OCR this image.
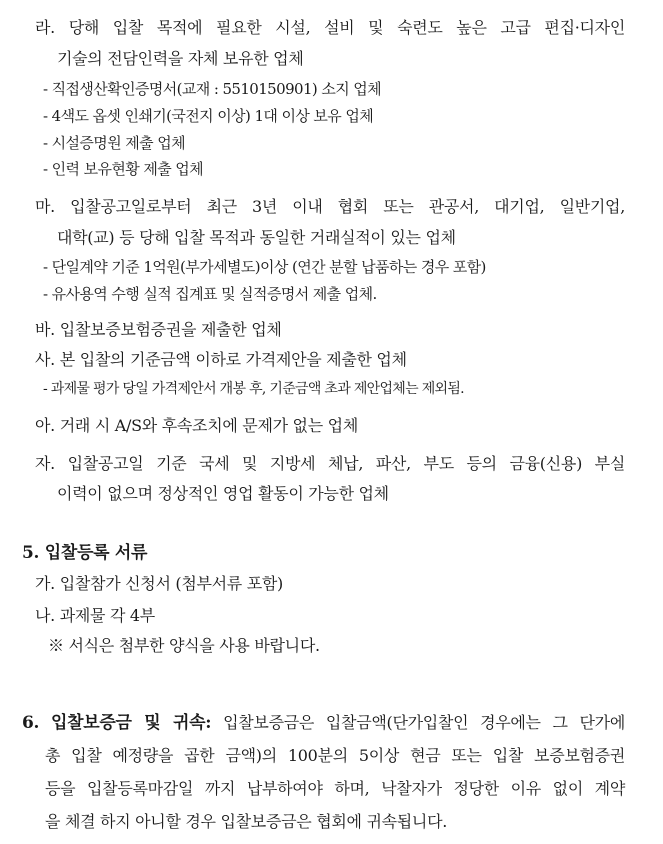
라. 당해 입찰 목적에 필요한 시설, 설비 및 숙련도 높은 고급 편집·디자인
기술의 전담인력을 자체 보유한 업체
- 직접생산확인증명서(교재 : 5510150901) 소지 업체
- 4색도 옵셋 인쇄기(국전지 이상) 1대 이상 보유 업체
- 시설증명원 제출 업체
- 인력 보유현황 제출 업체
마. 입찰공고일로부터 최근 3년 이내 협회 또는 관공서, 대기업, 일반기업,
대학(교) 등 당해 입찰 목적과 동일한 거래실적이 있는 업체
- 단일계약 기준 1억원(부가세별도)이상 (연간 분할 납품하는 경우 포함)
- 유사용역 수행 실적 집계표 및 실적증명서 제출 업체.
바. 입찰보증보험증권을 제출한 업체
사. 본 입찰의 기준금액 이하로 가격제안을 제출한 업체
- 과제물 평가 당일 가격제안서 개봉 후, 기준금액 초과 제안업체는 제외됨.
아. 거래 시 A/S와 후속조치에 문제가 없는 업체
자. 입찰공고일 기준 국세 및 지방세 체납, 파산, 부도 등의 금융(신용) 부실
이력이 없으며 정상적인 영업 활동이 가능한 업체
5. 입찰등록 서류
가. 입찰참가 신청서 (첨부서류 포함)
나. 과제물 각 4부
※ 서식은 첨부한 양식을 사용 바랍니다.
6. 입찰보증금 및 귀속: 입찰보증금은 입찰금액(단가입찰인 경우에는 그 단가에
총 입찰 예정량을 곱한 금액)의 100분의 5이상 현금 또는 입찰 보증보험증권
등을 입찰등록마감일 까지 납부하여야 하며, 낙찰자가 정당한 이유 없이 계약
을 체결 하지 아니할 경우 입찰보증금은 협회에 귀속됩니다.
